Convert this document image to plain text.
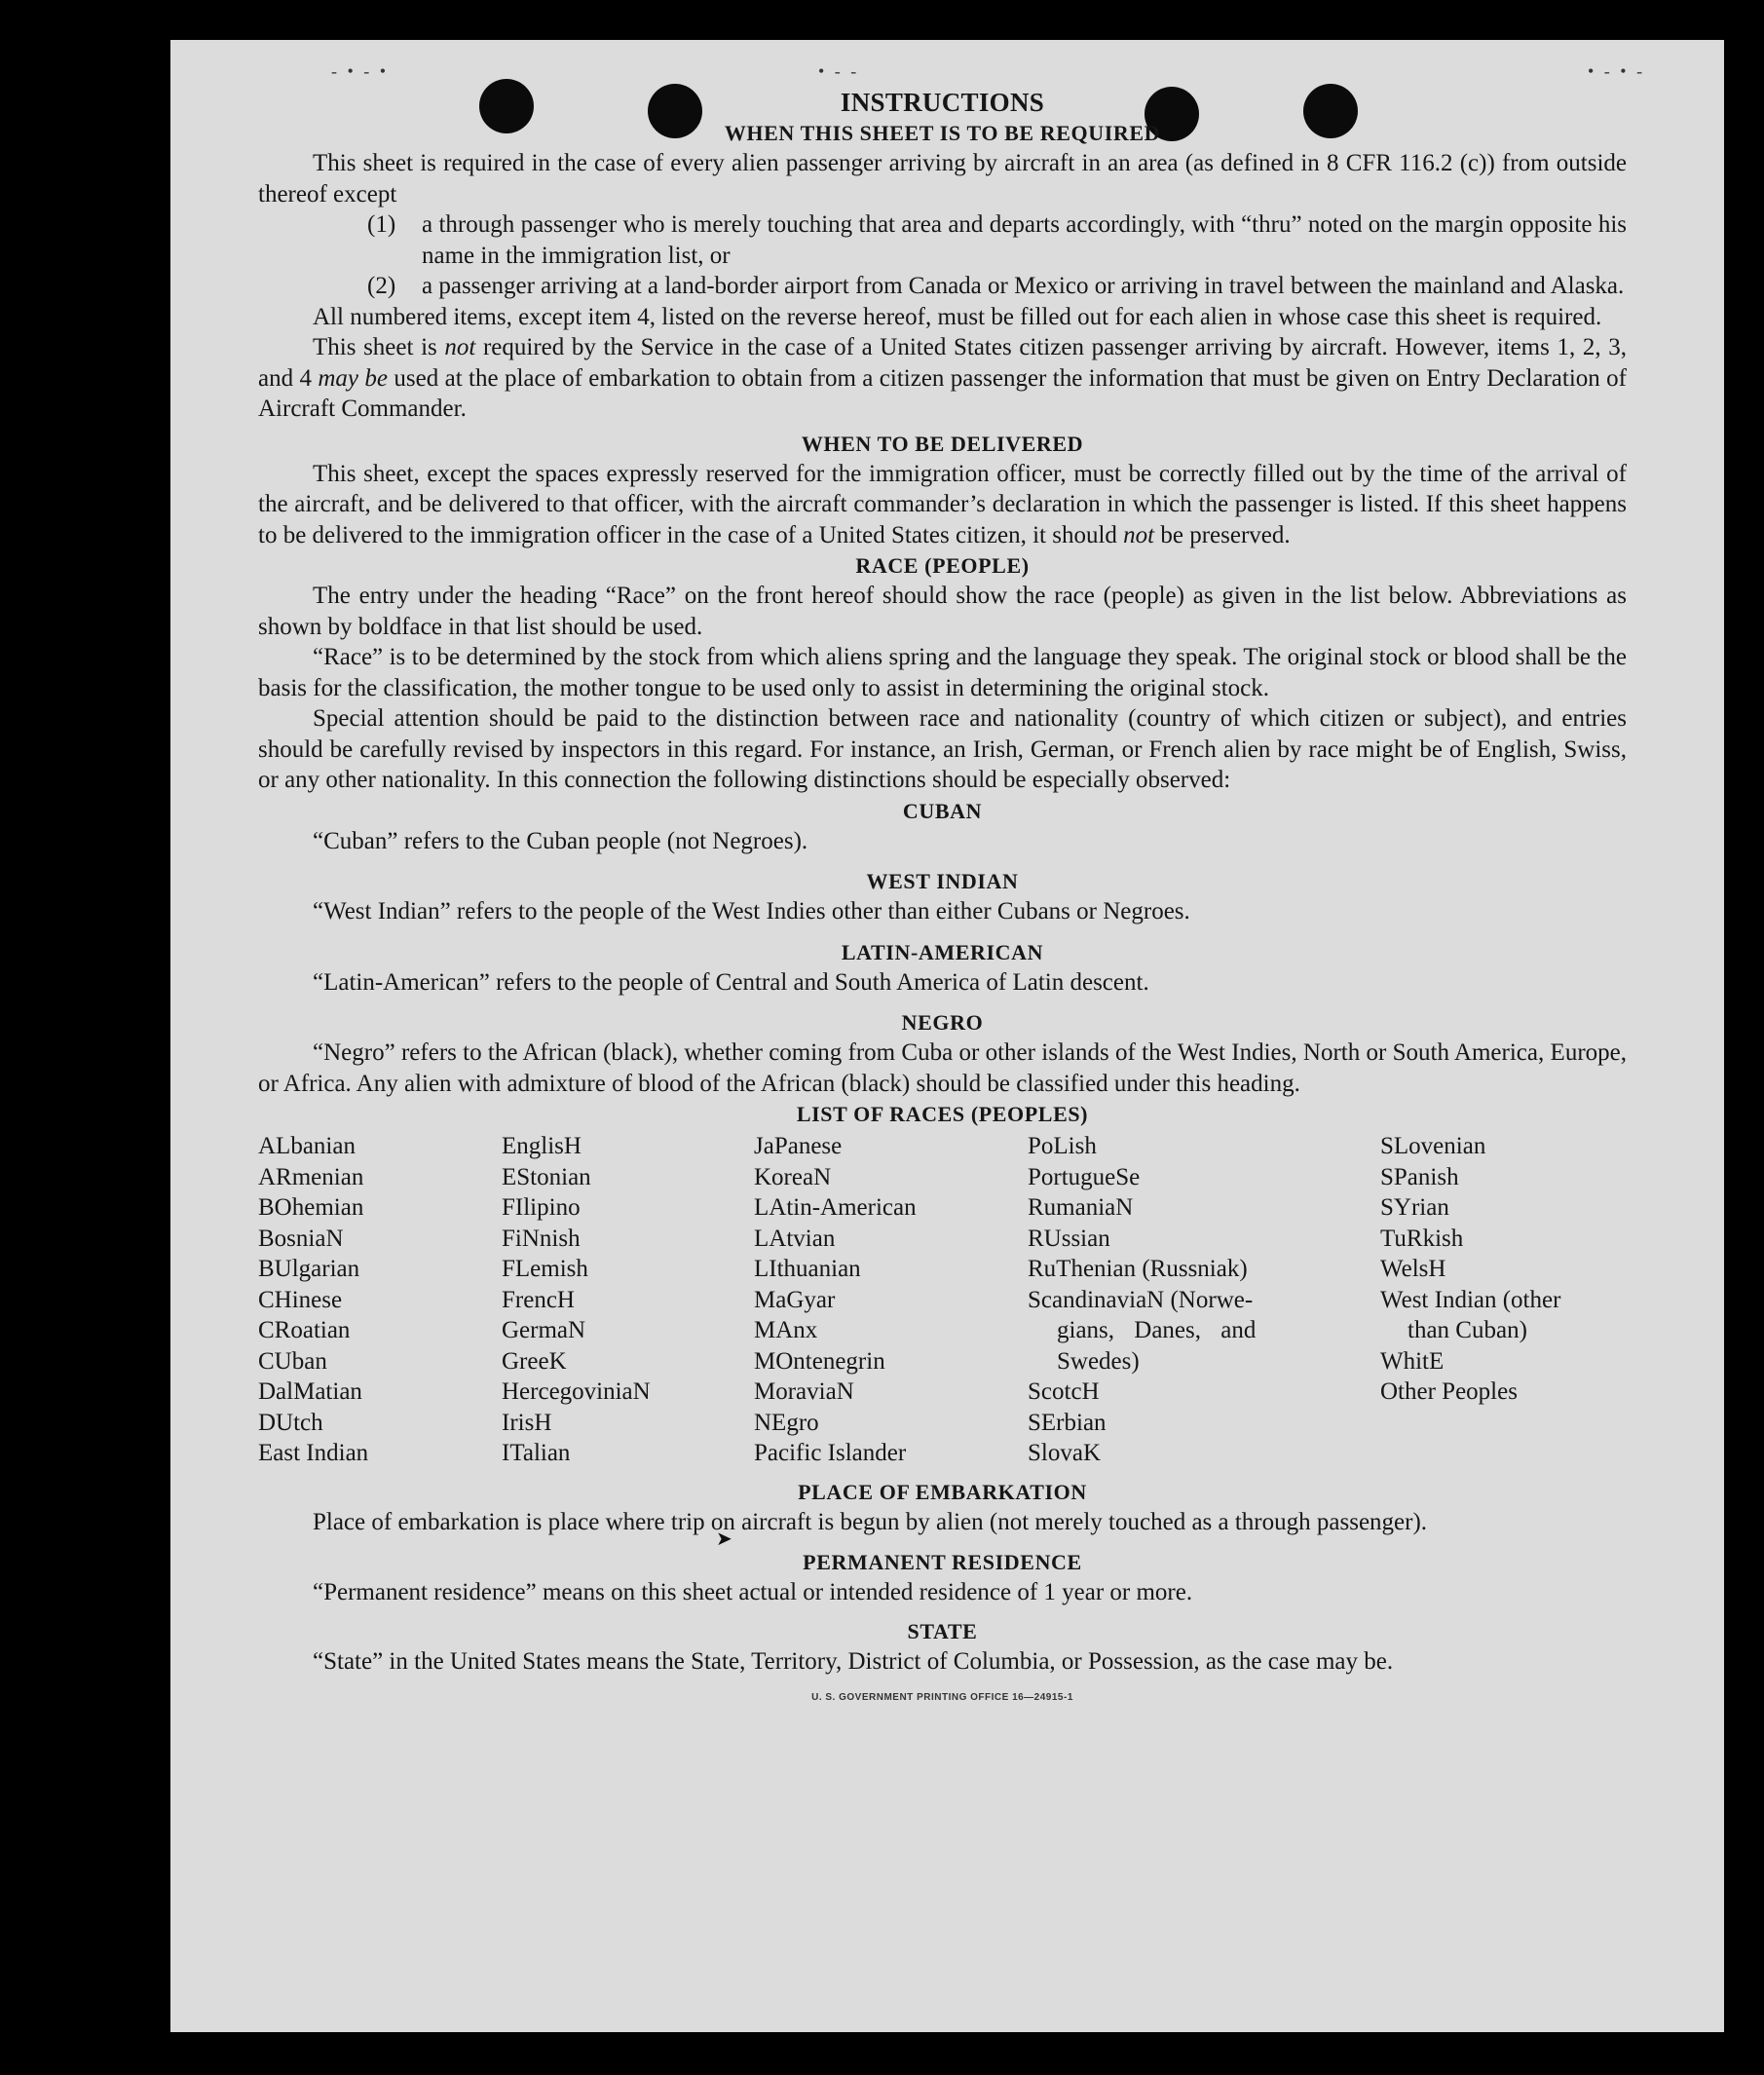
- • - •	• - -	• - • -
➤
INSTRUCTIONS
WHEN THIS SHEET IS TO BE REQUIRED

This sheet is required in the case of every alien passenger arriving by aircraft in an area (as defined in 8 CFR 116.2 (c)) from outside thereof except

(1)	a through passenger who is merely touching that area and departs accordingly, with “thru” noted on the margin opposite his name in the immigration list, or
(2)	a passenger arriving at a land-border airport from Canada or Mexico or arriving in travel between the mainland and Alaska.

All numbered items, except item 4, listed on the reverse hereof, must be filled out for each alien in whose case this sheet is required.

This sheet is not required by the Service in the case of a United States citizen passenger arriving by aircraft. However, items 1, 2, 3, and 4 may be used at the place of embarkation to obtain from a citizen passenger the information that must be given on Entry Declaration of Aircraft Commander.

WHEN TO BE DELIVERED

This sheet, except the spaces expressly reserved for the immigration officer, must be correctly filled out by the time of the arrival of the aircraft, and be delivered to that officer, with the aircraft commander’s declaration in which the passenger is listed. If this sheet happens to be delivered to the immigration officer in the case of a United States citizen, it should not be preserved.

RACE (PEOPLE)

The entry under the heading “Race” on the front hereof should show the race (people) as given in the list below. Abbreviations as shown by boldface in that list should be used.

“Race” is to be determined by the stock from which aliens spring and the language they speak. The original stock or blood shall be the basis for the classification, the mother tongue to be used only to assist in determining the original stock.

Special attention should be paid to the distinction between race and nationality (country of which citizen or subject), and entries should be carefully revised by inspectors in this regard. For instance, an Irish, German, or French alien by race might be of English, Swiss, or any other nationality. In this connection the following distinctions should be especially observed:

CUBAN

“Cuban” refers to the Cuban people (not Negroes).

WEST INDIAN

“West Indian” refers to the people of the West Indies other than either Cubans or Negroes.

LATIN-AMERICAN

“Latin-American” refers to the people of Central and South America of Latin descent.

NEGRO

“Negro” refers to the African (black), whether coming from Cuba or other islands of the West Indies, North or South America, Europe, or Africa. Any alien with admixture of blood of the African (black) should be classified under this heading.

LIST OF RACES (PEOPLES)
ALbanian
ARmenian
BOhemian
BosniaN
BUlgarian
CHinese
CRoatian
CUban
DalMatian
DUtch
East Indian
EnglisH
EStonian
FIlipino
FiNnish
FLemish
FrencH
GermaN
GreeK
HercegoviniaN
IrisH
ITalian
JaPanese
KoreaN
LAtin-American
LAtvian
LIthuanian
MaGyar
MAnx
MOntenegrin
MoraviaN
NEgro
Pacific Islander
PoLish
PortugueSe
RumaniaN
RUssian
RuThenian (Russniak)
ScandinaviaN (Norwe-
gians, Danes, and
Swedes)
ScotcH
SErbian
SlovaK
SLovenian
SPanish
SYrian
TuRkish
WelsH
West Indian (other
than Cuban)
WhitE
Other Peoples
PLACE OF EMBARKATION

Place of embarkation is place where trip on aircraft is begun by alien (not merely touched as a through passenger).

PERMANENT RESIDENCE

“Permanent residence” means on this sheet actual or intended residence of 1 year or more.

STATE

“State” in the United States means the State, Territory, District of Columbia, or Possession, as the case may be.

U. S. GOVERNMENT PRINTING OFFICE 16—24915-1
